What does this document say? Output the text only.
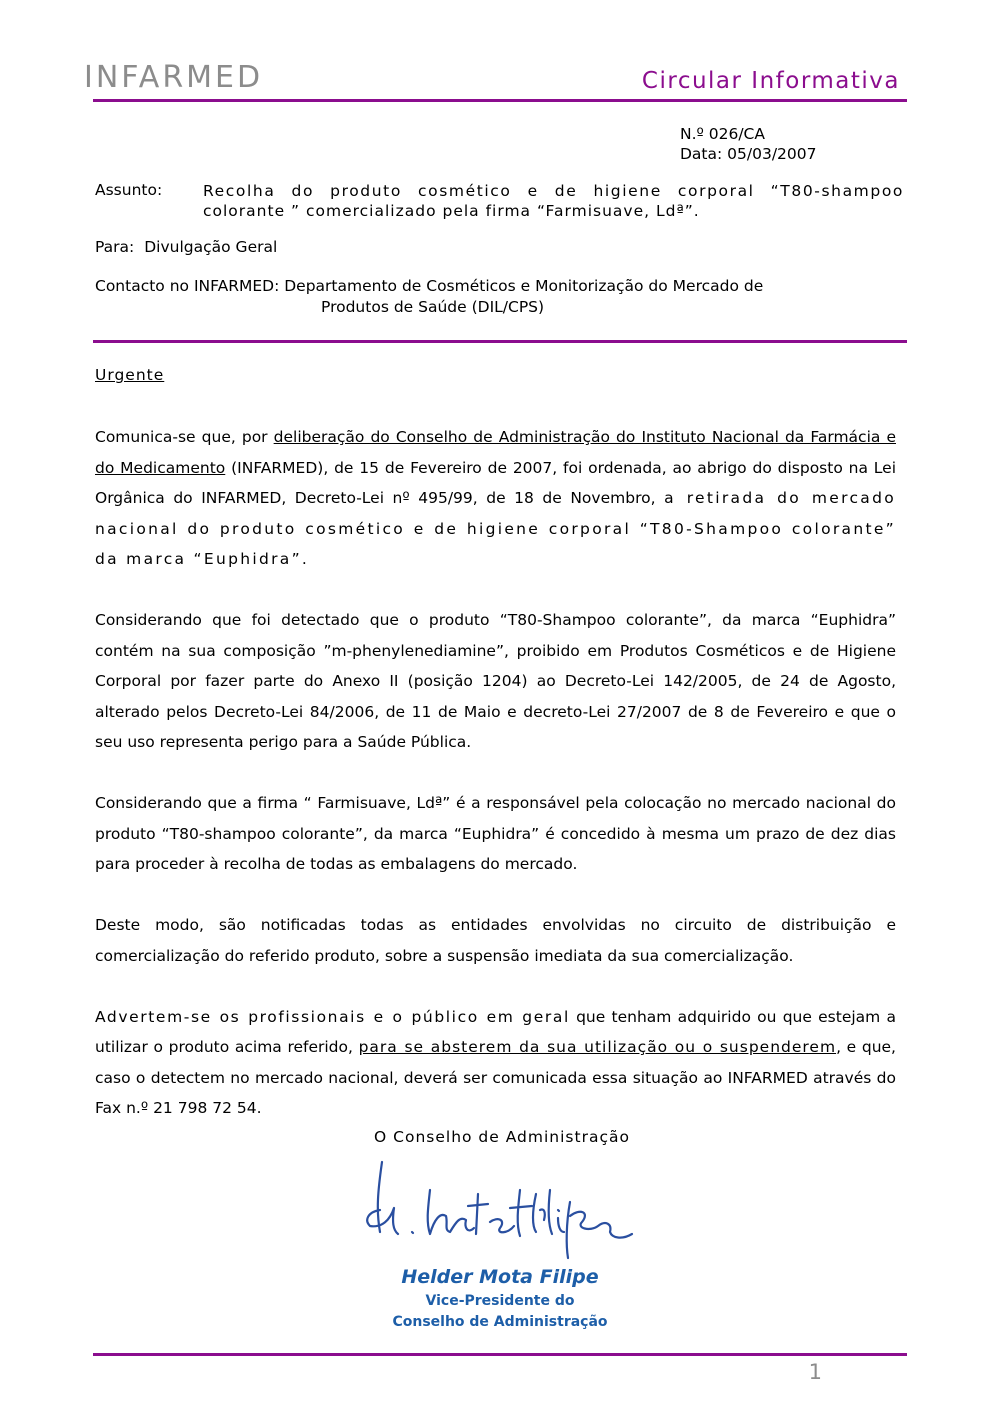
INFARMED	Circular Informativa
N.º 026/CA
Data: 05/03/2007
Assunto:	Recolha do produto cosmético e de higiene corporal “T80-shampoo
colorante ” comercializado pela firma “Farmisuave, Ldª”.
Para: Divulgação Geral
Contacto no INFARMED: Departamento de Cosméticos e Monitorização do Mercado de
Produtos de Saúde (DIL/CPS)
Urgente

Comunica-se que, por deliberação do Conselho de Administração do Instituto Nacional da Farmácia e do Medicamento (INFARMED), de 15 de Fevereiro de 2007, foi ordenada, ao abrigo do disposto na Lei Orgânica do INFARMED, Decreto-Lei nº 495/99, de 18 de Novembro, a retirada do mercado nacional do produto cosmético e de higiene corporal “T80-Shampoo colorante” da marca “Euphidra”.

Considerando que foi detectado que o produto “T80-Shampoo colorante”, da marca “Euphidra” contém na sua composição ”m-phenylenediamine”, proibido em Produtos Cosméticos e de Higiene Corporal por fazer parte do Anexo II (posição 1204) ao Decreto-Lei 142/2005, de 24 de Agosto, alterado pelos Decreto-Lei 84/2006, de 11 de Maio e decreto-Lei 27/2007 de 8 de Fevereiro e que o seu uso representa perigo para a Saúde Pública.

Considerando que a firma “ Farmisuave, Ldª” é a responsável pela colocação no mercado nacional do produto “T80-shampoo colorante”, da marca “Euphidra” é concedido à mesma um prazo de dez dias para proceder à recolha de todas as embalagens do mercado.

Deste modo, são notificadas todas as entidades envolvidas no circuito de distribuição e comercialização do referido produto, sobre a suspensão imediata da sua comercialização.

Advertem-se os profissionais e o público em geral que tenham adquirido ou que estejam a utilizar o produto acima referido, para se absterem da sua utilização ou o suspenderem, e que, caso o detectem no mercado nacional, deverá ser comunicada essa situação ao INFARMED através do Fax n.º 21 798 72 54.

O Conselho de Administração
Helder Mota Filipe
Vice-Presidente do
Conselho de Administração
1
